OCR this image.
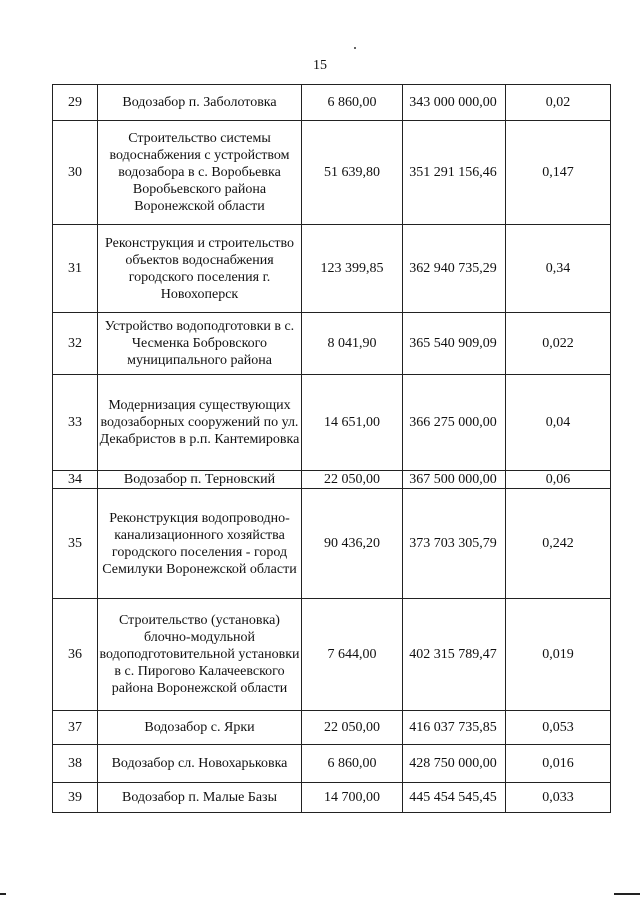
15
29	Водозабор п. Заболотовка	6 860,00	343 000 000,00	0,02
30	Строительство системы водоснабжения с устройством водозабора в с. Воробьевка Воробьевского района Воронежской области	51 639,80	351 291 156,46	0,147
31	Реконструкция и строительство объектов водоснабжения городского поселения г. Новохоперск	123 399,85	362 940 735,29	0,34
32	Устройство водоподготовки в с. Чесменка Бобровского муниципального района	8 041,90	365 540 909,09	0,022
33	Модернизация существующих водозаборных сооружений по ул. Декабристов в р.п. Кантемировка	14 651,00	366 275 000,00	0,04
34	Водозабор п. Терновский	22 050,00	367 500 000,00	0,06
35	Реконструкция водопроводно-канализационного хозяйства городского поселения - город Семилуки Воронежской области	90 436,20	373 703 305,79	0,242
36	Строительство (установка) блочно-модульной водоподготовительной установки в с. Пирогово Калачеевского района Воронежской области	7 644,00	402 315 789,47	0,019
37	Водозабор с. Ярки	22 050,00	416 037 735,85	0,053
38	Водозабор сл. Новохарьковка	6 860,00	428 750 000,00	0,016
39	Водозабор п. Малые Базы	14 700,00	445 454 545,45	0,033
